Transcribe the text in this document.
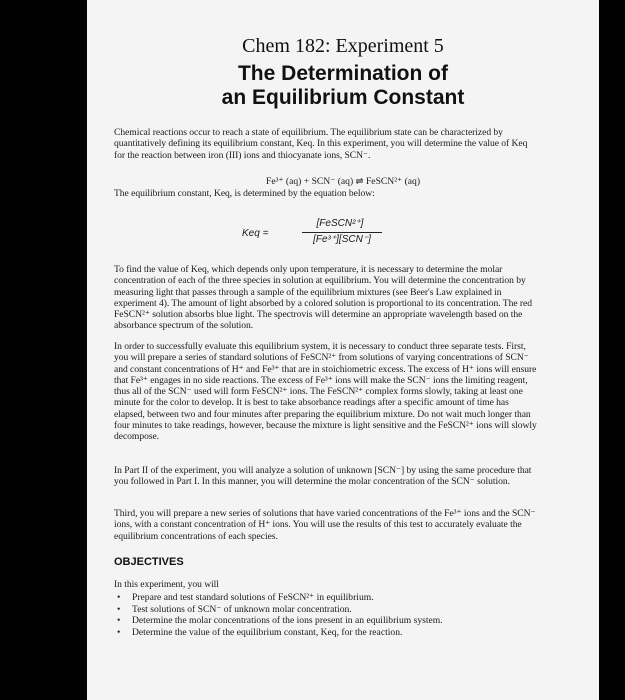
Chem 182: Experiment 5
The Determination of
an Equilibrium Constant
Chemical reactions occur to reach a state of equilibrium. The equilibrium state can be characterized by quantitatively defining its equilibrium constant, Keq. In this experiment, you will determine the value of Keq for the reaction between iron (III) ions and thiocyanate ions, SCN⁻.
Fe³⁺ (aq) + SCN⁻ (aq) ⇌ FeSCN²⁺ (aq)
The equilibrium constant, Keq, is determined by the equation below:
Keq =
[FeSCN²⁺]
[Fe³⁺][SCN⁻]
To find the value of Keq, which depends only upon temperature, it is necessary to determine the molar concentration of each of the three species in solution at equilibrium. You will determine the concentration by measuring light that passes through a sample of the equilibrium mixtures (see Beer's Law explained in experiment 4). The amount of light absorbed by a colored solution is proportional to its concentration. The red FeSCN²⁺ solution absorbs blue light. The spectrovis will determine an appropriate wavelength based on the absorbance spectrum of the solution.
In order to successfully evaluate this equilibrium system, it is necessary to conduct three separate tests. First, you will prepare a series of standard solutions of FeSCN²⁺ from solutions of varying concentrations of SCN⁻ and constant concentrations of H⁺ and Fe³⁺ that are in stoichiometric excess. The excess of H⁺ ions will ensure that Fe³⁺ engages in no side reactions. The excess of Fe³⁺ ions will make the SCN⁻ ions the limiting reagent, thus all of the SCN⁻ used will form FeSCN²⁺ ions. The FeSCN²⁺ complex forms slowly, taking at least one minute for the color to develop. It is best to take absorbance readings after a specific amount of time has elapsed, between two and four minutes after preparing the equilibrium mixture. Do not wait much longer than four minutes to take readings, however, because the mixture is light sensitive and the FeSCN²⁺ ions will slowly decompose.
In Part II of the experiment, you will analyze a solution of unknown [SCN⁻] by using the same procedure that you followed in Part I. In this manner, you will determine the molar concentration of the SCN⁻ solution.
Third, you will prepare a new series of solutions that have varied concentrations of the Fe³⁺ ions and the SCN⁻ ions, with a constant concentration of H⁺ ions. You will use the results of this test to accurately evaluate the equilibrium concentrations of each species.
OBJECTIVES
In this experiment, you will
• Prepare and test standard solutions of FeSCN²⁺ in equilibrium.
• Test solutions of SCN⁻ of unknown molar concentration.
• Determine the molar concentrations of the ions present in an equilibrium system.
• Determine the value of the equilibrium constant, Keq, for the reaction.
